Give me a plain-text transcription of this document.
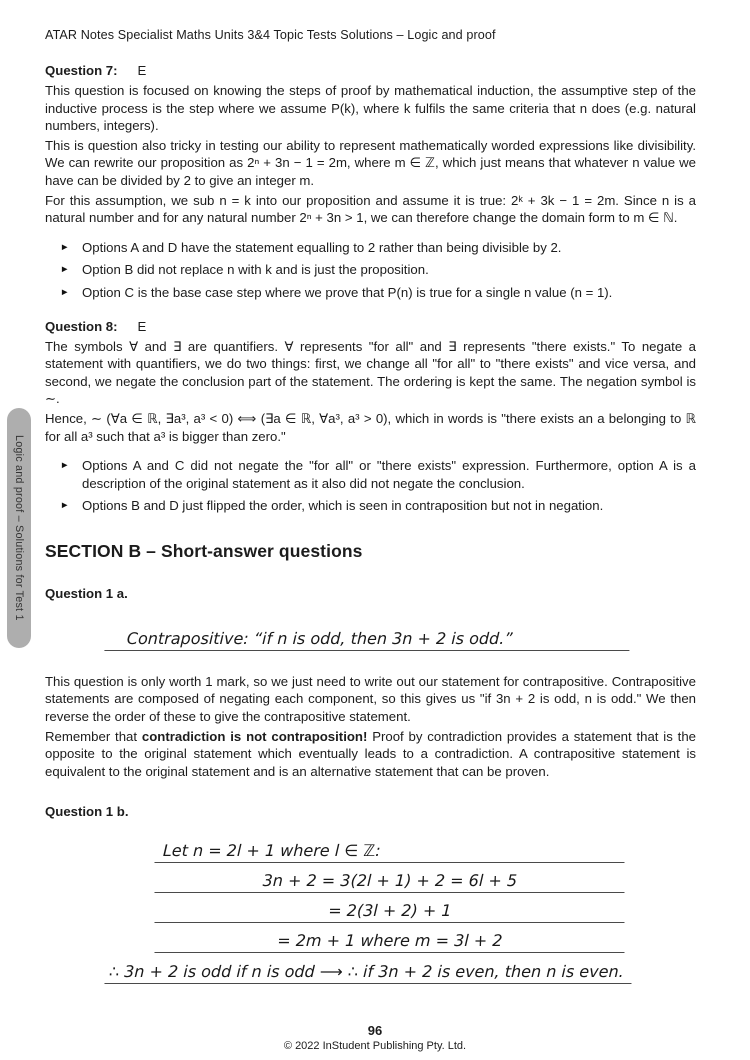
Logic and proof – Solutions for Test 1
ATAR Notes Specialist Maths Units 3&4 Topic Tests Solutions – Logic and proof
Question 7: E

This question is focused on knowing the steps of proof by mathematical induction, the assumptive step of the inductive process is the step where we assume P(k), where k fulfils the same criteria that n does (e.g. natural numbers, integers).

This is question also tricky in testing our ability to represent mathematically worded expressions like divisibility. We can rewrite our proposition as 2ⁿ + 3n − 1 = 2m, where m ∈ ℤ, which just means that whatever n value we have can be divided by 2 to give an integer m.

For this assumption, we sub n = k into our proposition and assume it is true: 2ᵏ + 3k − 1 = 2m. Since n is a natural number and for any natural number 2ⁿ + 3n > 1, we can therefore change the domain form to m ∈ ℕ.

► Options A and D have the statement equalling to 2 rather than being divisible by 2.
► Option B did not replace n with k and is just the proposition.
► Option C is the base case step where we prove that P(n) is true for a single n value (n = 1).
Question 8: E

The symbols ∀ and ∃ are quantifiers. ∀ represents "for all" and ∃ represents "there exists." To negate a statement with quantifiers, we do two things: first, we change all "for all" to "there exists" and vice versa, and second, we negate the conclusion part of the statement. The ordering is kept the same. The negation symbol is ∼.

Hence, ∼ (∀a ∈ ℝ, ∃a³, a³ < 0) ⟺ (∃a ∈ ℝ, ∀a³, a³ > 0), which in words is "there exists an a belonging to ℝ for all a³ such that a³ is bigger than zero."

► Options A and C did not negate the "for all" or "there exists" expression. Furthermore, option A is a description of the original statement as it also did not negate the conclusion.
► Options B and D just flipped the order, which is seen in contraposition but not in negation.
SECTION B – Short-answer questions
Question 1 a.
Contrapositive: “if n is odd, then 3n + 2 is odd.”

This question is only worth 1 mark, so we just need to write out our statement for contrapositive. Contrapositive statements are composed of negating each component, so this gives us "if 3n + 2 is odd, n is odd." We then reverse the order of these to give the contrapositive statement.

Remember that contradiction is not contraposition! Proof by contradiction provides a statement that is the opposite to the original statement which eventually leads to a contradiction. A contrapositive statement is equivalent to the original statement and is an alternative statement that can be proven.

Question 1 b.
Let n = 2l + 1 where l ∈ ℤ:
3n + 2 = 3(2l + 1) + 2 = 6l + 5
= 2(3l + 2) + 1
= 2m + 1 where m = 3l + 2
∴ 3n + 2 is odd if n is odd ⟶ ∴ if 3n + 2 is even, then n is even.
96
© 2022 InStudent Publishing Pty. Ltd.
